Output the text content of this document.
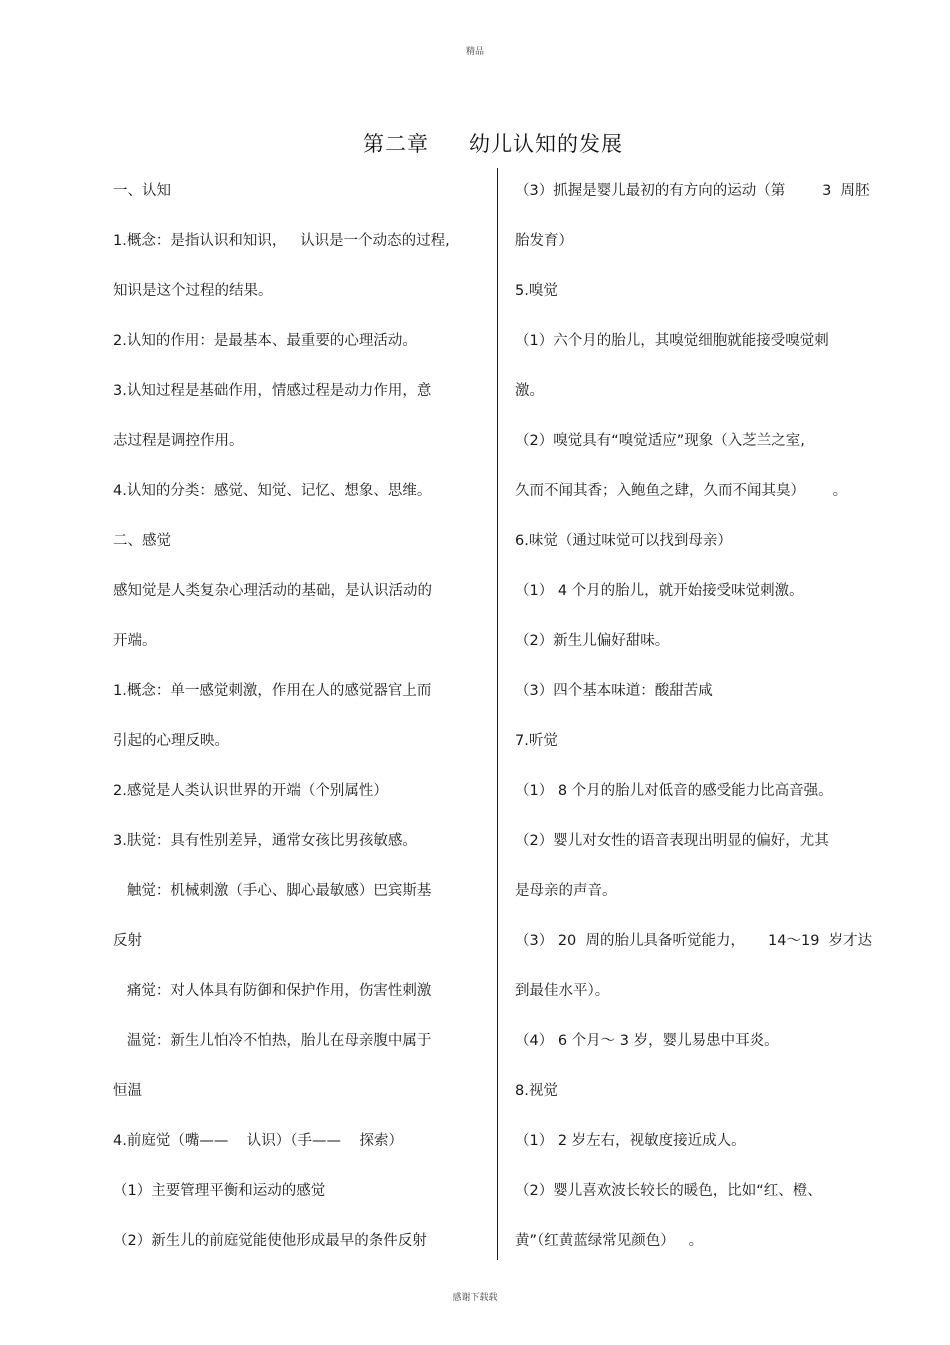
精品
第二章 幼儿认知的发展
一、认知
1.概念：是指认识和知识，   认识是一个动态的过程,
知识是这个过程的结果。
2.认知的作用：是最基本、最重要的心理活动。
3.认知过程是基础作用，情感过程是动力作用，意
志过程是调控作用。
4.认知的分类：感觉、知觉、记忆、想象、思维。
二、感觉
感知觉是人类复杂心理活动的基础，是认识活动的
开端。
1.概念：单一感觉刺激，作用在人的感觉器官上而
引起的心理反映。
2.感觉是人类认识世界的开端（个别属性）
3.肤觉：具有性别差异，通常女孩比男孩敏感。
触觉：机械刺激（手心、脚心最敏感）巴宾斯基
反射
痛觉：对人体具有防御和保护作用，伤害性刺激
温觉：新生儿怕冷不怕热，胎儿在母亲腹中属于
恒温
4.前庭觉（嘴——    认识）（手——    探索）
（1）主要管理平衡和运动的感觉
（2）新生儿的前庭觉能使他形成最早的条件反射
（3）抓握是婴儿最初的有方向的运动（第        3  周胚
胎发育）
5.嗅觉
（1）六个月的胎儿，其嗅觉细胞就能接受嗅觉刺
激。
（2）嗅觉具有“嗅觉适应”现象（入芝兰之室,
久而不闻其香；入鲍鱼之肆，久而不闻其臭）      。
6.味觉（通过味觉可以找到母亲）
（1） 4 个月的胎儿，就开始接受味觉刺激。
（2）新生儿偏好甜味。
（3）四个基本味道：酸甜苦咸
7.听觉
（1） 8 个月的胎儿对低音的感受能力比高音强。
（2）婴儿对女性的语音表现出明显的偏好，尤其
是母亲的声音。
（3） 20  周的胎儿具备听觉能力，     14～19  岁才达
到最佳水平）。
（4） 6 个月～ 3 岁，婴儿易患中耳炎。
8.视觉
（1） 2 岁左右，视敏度接近成人。
（2）婴儿喜欢波长较长的暖色，比如“红、橙、
黄”（红黄蓝绿常见颜色）   。
感谢下载载
